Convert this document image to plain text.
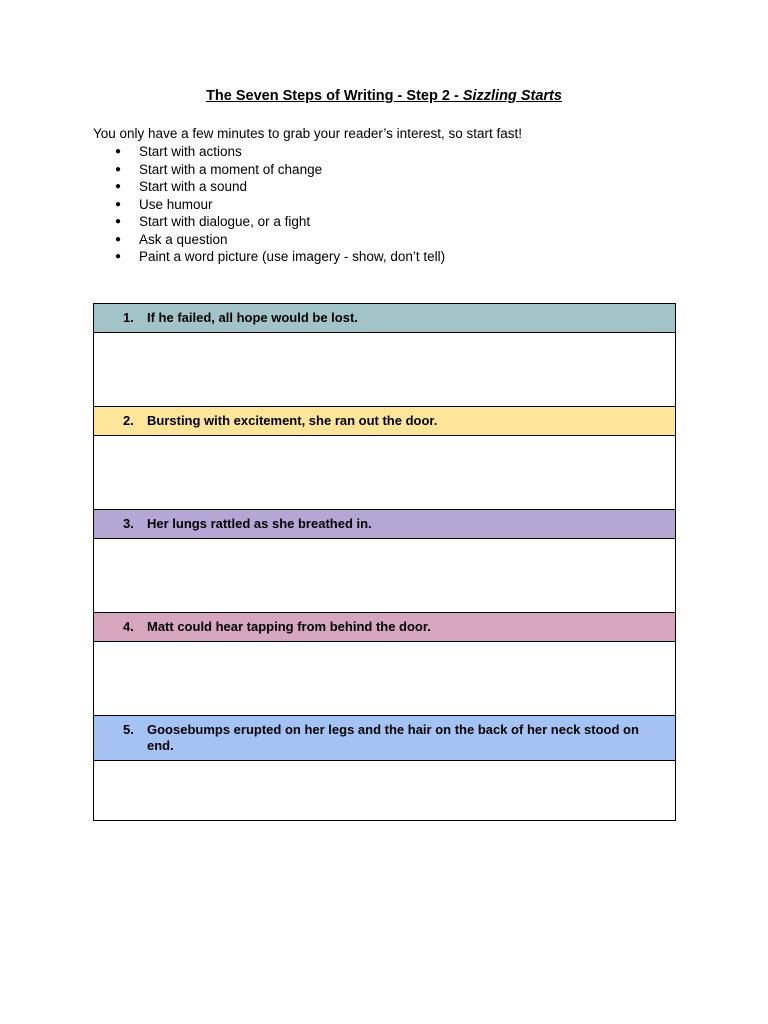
The Seven Steps of Writing - Step 2 - Sizzling Starts

You only have a few minutes to grab your reader’s interest, so start fast!

● Start with actions
● Start with a moment of change
● Start with a sound
● Use humour
● Start with dialogue, or a fight
● Ask a question
● Paint a word picture (use imagery - show, don’t tell)
1. If he failed, all hope would be lost.
2. Bursting with excitement, she ran out the door.
3. Her lungs rattled as she breathed in.
4. Matt could hear tapping from behind the door.
5. Goosebumps erupted on her legs and the hair on the back of her neck stood on end.
